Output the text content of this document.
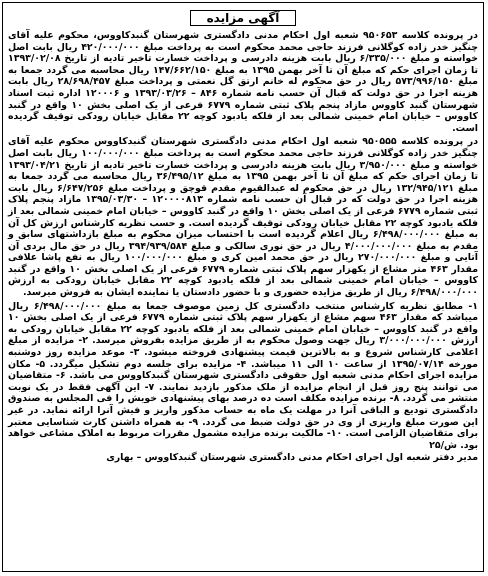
آگهی مزایده

در پرونده کلاسه ۹۵۰۶۵۳ شعبه اول احکام مدنی دادگستری شهرستان گنبدکاووس، محکوم علیه آقای چنگیز خدر زاده کوگلانی فرزند حاجی محمد محکوم است به پرداخت مبلغ ۴۲۰/۰۰۰/۰۰۰ ریال بابت اصل خواسته و مبلغ ۶/۳۳۵/۰۰۰ ریال بابت هزینه دادرسی و پرداخت خسارت تاخیر تادیه از تاریخ ۱۳۹۳/۰۲/۰۸ تا زمان اجرای حکم که مبلغ آن تا آخر بهمن ۱۳۹۵ به مبلغ ۱۴۷/۶۶۲/۱۵۰ ریال محاسبه می گردد جمعا به مبلغ ۵۷۳/۹۹۶/۱۵۰ ریال در حق محکوم له خانم ارتق گل نعمتی و پرداخت مبلغ ۲۸/۶۹۸/۴۵۷ ریال بابت هزینه اجرا در حق دولت که قبال آن حسب نامه شماره ۸۴۶ – ۱۳۹۳/۰۳/۲۶ و ۱۲۰۰۰۶ اداره ثبت اسناد شهرستان گنبد کاووس مازاد پنجم پلاک ثبتی شماره ۶۷۷۹ فرعی از یک اصلی بخش ۱۰ واقع در گنبد کاووس – خیابان امام خمینی شمالی بعد از فلکه یادبود کوچه ۲۲ مقابل خیابان رودکی توقیف گردیده است.

در پرونده کلاسه ۹۵۰۵۵۵ شعبه اول احکام مدنی دادگستری شهرستان گنبدکاووس محکوم علیه آقای چنگیز خدر زاده کوگلانی فرزند حاجی محمد محکوم است به پرداخت مبلغ ۱۰۰/۰۰۰/۰۰۰ ریال بابت اصل خواسته و مبلغ ۳/۹۵۰/۰۰۰ ریال بابت هزینه دادرسی و پرداخت خسارت تاخیر تادیه از تاریخ ۱۳۹۳/۰۴/۲۱ تا زمان اجرای حکم که مبلغ آن تا آخر بهمن ۱۳۹۵ به مبلغ ۳۶/۴۹۵/۱۲ ریال محاسبه می گردد جمعا به مبلغ ۱۳۲/۹۴۵/۱۲۱ ریال در حق محکوم له عبدالقیوم مقدم قوچق و پرداخت مبلغ ۶/۶۴۷/۲۵۶ ریال بابت هزینه اجرا در حق دولت که در قبال آن حسب نامه شماره ۱۲۰۰۰۰۸۱۳ – ۱۳۹۵/۰۳/۳۰ مازاد پنجم پلاک ثبتی شماره ۶۷۷۹ فرعی از یک اصلی بخش ۱۰ واقع در گنبد کاووس – خیابان امام خمینی شمالی بعد از فلکه یادبود کوچه ۲۲ مقابل خیابان رودکی توقیف گردیده است. و حسب نظریه کارشناس ارزش کل آن به مبلغ ۶/۴۹۸/۰۰۰/۰۰۰ ریال اعلام گردیده است با احتساب میزان محکوم به مبلغ بازداشتهای سابق و مقدم به مبلغ ۴/۰۰۰/۰۰۰/۰۰۰ ریال در حق نوری سالکی و مبلغ ۳۹۴/۹۳۹/۵۸۴ ریال در حق مال بردی آن آتایی و مبلغ ۲۷۰/۰۰۰/۰۰۰ ریال در حق محمد امین کری و مبلغ ۱۰۰/۰۰۰/۰۰۰ ریال به نفع پاشا علافی مقدار ۴۶۳ متر مشاع از یکهزار سهم پلاک ثبتی شماره ۶۷۷۹ فرعی از یک اصلی بخش ۱۰ واقع در گنبد کاووس – خیابان امام خمینی شمالی بعد از فلکه یادبود کوچه ۲۲ مقابل خیابان رودکی به ارزش ۶/۴۹۸/۰۰۰/۰۰۰ ریال از طریق مزایده حضوری و با حضور دادستان یا نماینده ایشان به فروش میرسد.

۱- مطابق نظریه کارشناس منتخب دادگستری کل زمین موصوف جمعا به مبلغ ۶/۴۹۸/۰۰۰/۰۰۰ ریال میباشد که مقدار ۴۶۳ سهم مشاع از یکهزار سهم پلاک ثبتی شماره ۶۷۷۹ فرعی از یک اصلی بخش ۱۰ واقع در گنبد کاووس – خیابان امام خمینی شمالی بعد از فلکه یادبود کوچه ۲۲ مقابل خیابان رودکی به ارزش ۳/۰۰۰/۰۰۰/۰۰۰ ریال جهت وصول محکوم به از طریق مزایده بفروش میرسد. ۲- مزایده از مبلغ اعلامی کارشناس شروع و به بالاترین قیمت پیشنهادی فروخته میشود. ۳- موعد مزایده روز دوشنبه مورخه ۱۳۹۵/۰۷/۱۴ از ساعت ۱۰ الی ۱۱ میباشد. ۴- مزایده برای جلسه دوم تشکیل میگردد. ۵- مکان مزایده اجرای احکام مدنی شعبه اول حقوقی دادگستری شهرستان گنبدکاووس می باشد. ۶- متقاضیان می توانند پنج روز قبل از انجام مزایده از ملک مذکور بازدید نمایند. ۷- این آگهی فقط در یک نوبت منتشر می گردد. ۸- برنده مزایده مکلف است ده درصد بهای پیشنهادی خویش را فی المجلس به صندوق دادگستری تودیع و الباقی آنرا در مهلت یک ماه به حساب مذکور واریز و فیش آنرا ارائه نماید. در غیر این صورت مبلغ واریزی از وی در حق دولت ضبط می گردد. ۹- به همراه داشتن کارت شناسایی معتبر برای متقاضیان الزامی است. ۱۰- مالکیت برنده مزایده مشمول مقررات مربوط به املاک مشاعی خواهد بود. ش/۲۵

مدیر دفتر شعبه اول اجرای احکام مدنی دادگستری شهرستان گنبدکاووس – بهاری
